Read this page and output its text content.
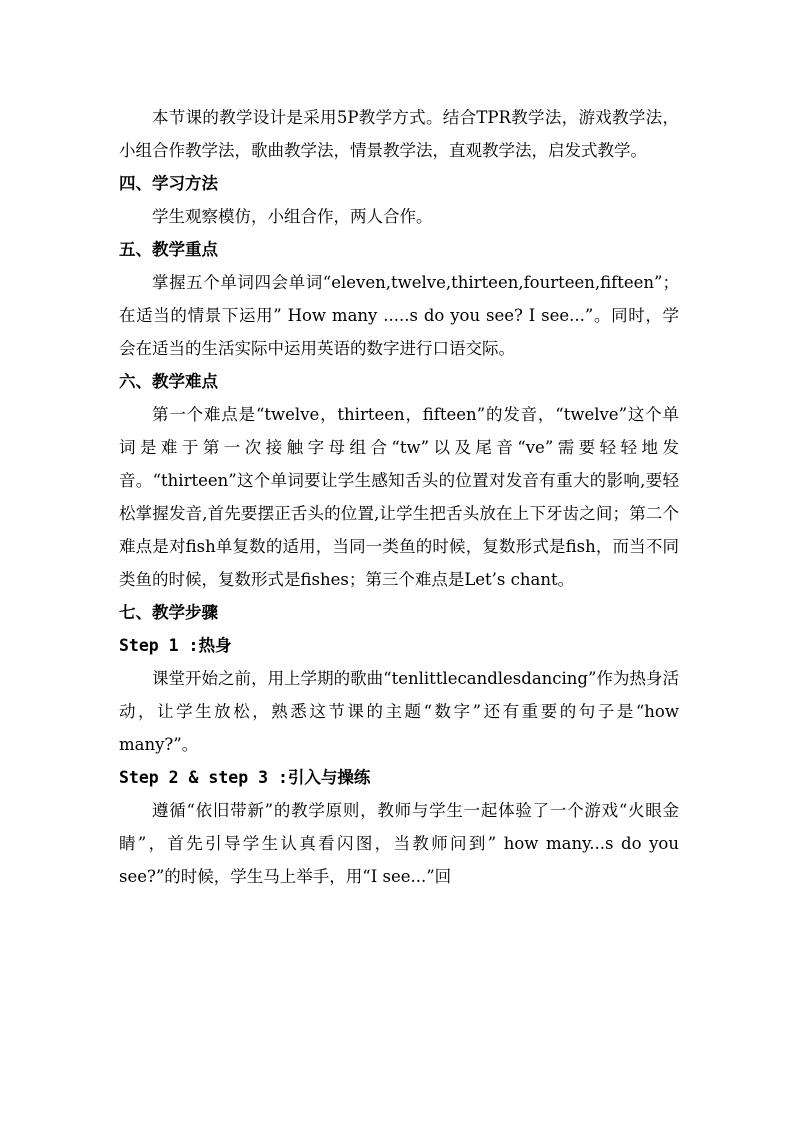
本节课的教学设计是采用5P教学方式。结合TPR教学法，游戏教学法，小组合作教学法，歌曲教学法，情景教学法，直观教学法，启发式教学。

四、学习方法

学生观察模仿，小组合作，两人合作。

五、教学重点

掌握五个单词四会单词“eleven,twelve,thirteen,fourteen,fifteen”；在适当的情景下运用” How many .....s do you see? I see...”。同时，学会在适当的生活实际中运用英语的数字进行口语交际。

六、教学难点

第一个难点是“twelve，thirteen，fifteen”的发音，“twelve”这个单词是难于第一次接触字母组合“tw”以及尾音“ve”需要轻轻地发音。“thirteen”这个单词要让学生感知舌头的位置对发音有重大的影响,要轻松掌握发音,首先要摆正舌头的位置,让学生把舌头放在上下牙齿之间；第二个难点是对fish单复数的适用，当同一类鱼的时候，复数形式是fish，而当不同类鱼的时候，复数形式是fishes；第三个难点是Let’s chant。

七、教学步骤

Step 1 :热身

课堂开始之前，用上学期的歌曲“tenlittlecandlesdancing”作为热身活动，让学生放松，熟悉这节课的主题“数字”还有重要的句子是“how many?”。

Step 2 & step 3 :引入与操练

遵循“依旧带新”的教学原则，教师与学生一起体验了一个游戏“火眼金睛”，首先引导学生认真看闪图，当教师问到” how many...s do you see?”的时候，学生马上举手，用“I see...”回
